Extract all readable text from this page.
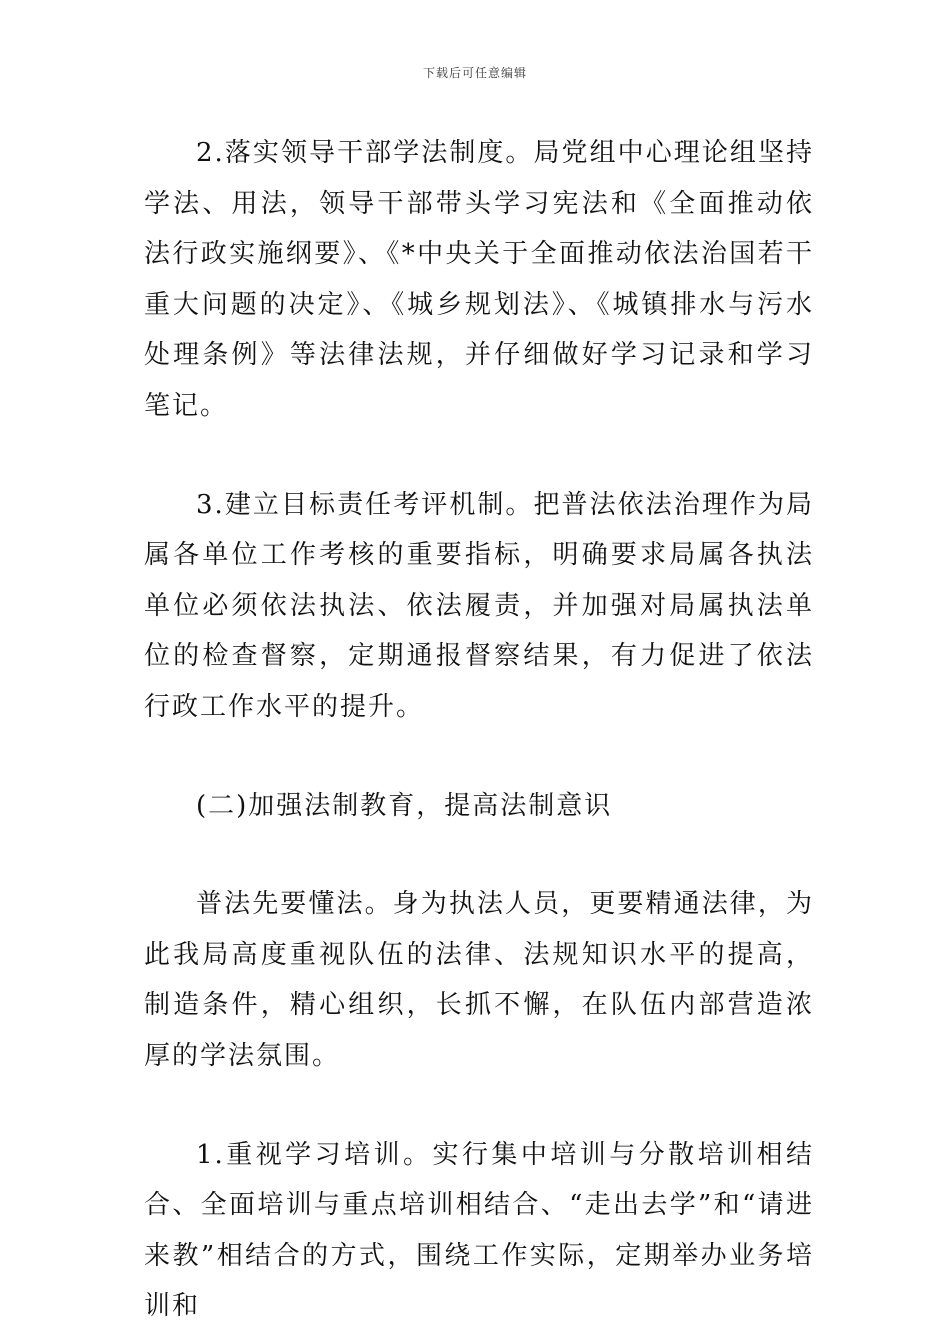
下载后可任意编辑

2.落实领导干部学法制度。局党组中心理论组坚持学法、用法，领导干部带头学习宪法和《全面推动依法行政实施纲要》、《*中央关于全面推动依法治国若干重大问题的决定》、《城乡规划法》、《城镇排水与污水处理条例》等法律法规，并仔细做好学习记录和学习笔记。

3.建立目标责任考评机制。把普法依法治理作为局属各单位工作考核的重要指标，明确要求局属各执法单位必须依法执法、依法履责，并加强对局属执法单位的检查督察，定期通报督察结果，有力促进了依法行政工作水平的提升。

(二)加强法制教育，提高法制意识

普法先要懂法。身为执法人员，更要精通法律，为此我局高度重视队伍的法律、法规知识水平的提高，制造条件，精心组织，长抓不懈，在队伍内部营造浓厚的学法氛围。

1.重视学习培训。实行集中培训与分散培训相结合、全面培训与重点培训相结合、“走出去学”和“请进来教”相结合的方式，围绕工作实际，定期举办业务培训和
